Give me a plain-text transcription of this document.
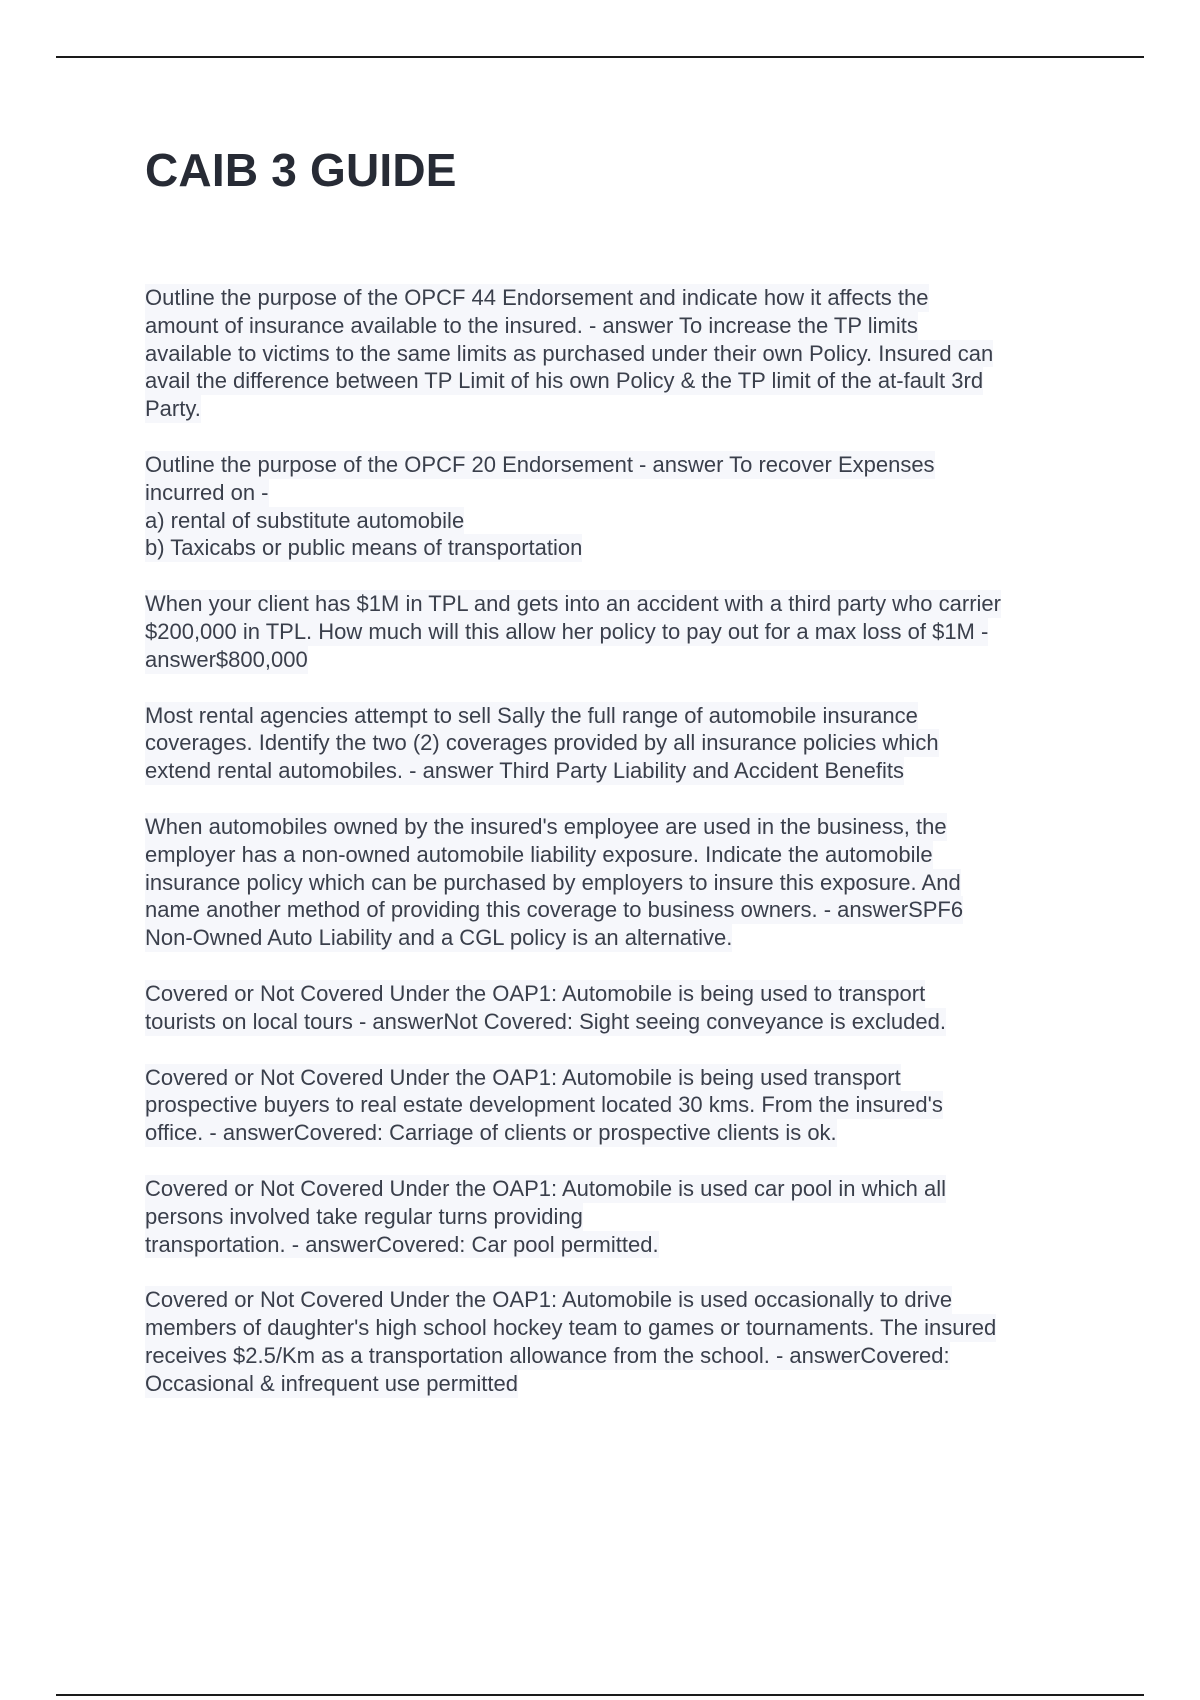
CAIB 3 GUIDE
Outline the purpose of the OPCF 44 Endorsement and indicate how it affects the
amount of insurance available to the insured. - answer To increase the TP limits
available to victims to the same limits as purchased under their own Policy. Insured can
avail the difference between TP Limit of his own Policy & the TP limit of the at-fault 3rd
Party.
Outline the purpose of the OPCF 20 Endorsement - answer To recover Expenses
incurred on -
a) rental of substitute automobile
b) Taxicabs or public means of transportation
When your client has $1M in TPL and gets into an accident with a third party who carrier
$200,000 in TPL. How much will this allow her policy to pay out for a max loss of $1M -
answer$800,000
Most rental agencies attempt to sell Sally the full range of automobile insurance
coverages. Identify the two (2) coverages provided by all insurance policies which
extend rental automobiles. - answer Third Party Liability and Accident Benefits
When automobiles owned by the insured's employee are used in the business, the
employer has a non-owned automobile liability exposure. Indicate the automobile
insurance policy which can be purchased by employers to insure this exposure. And
name another method of providing this coverage to business owners. - answerSPF6
Non-Owned Auto Liability and a CGL policy is an alternative.
Covered or Not Covered Under the OAP1: Automobile is being used to transport
tourists on local tours - answerNot Covered: Sight seeing conveyance is excluded.
Covered or Not Covered Under the OAP1: Automobile is being used transport
prospective buyers to real estate development located 30 kms. From the insured's
office. - answerCovered: Carriage of clients or prospective clients is ok.
Covered or Not Covered Under the OAP1: Automobile is used car pool in which all
persons involved take regular turns providing
transportation. - answerCovered: Car pool permitted.
Covered or Not Covered Under the OAP1: Automobile is used occasionally to drive
members of daughter's high school hockey team to games or tournaments. The insured
receives $2.5/Km as a transportation allowance from the school. - answerCovered:
Occasional & infrequent use permitted
